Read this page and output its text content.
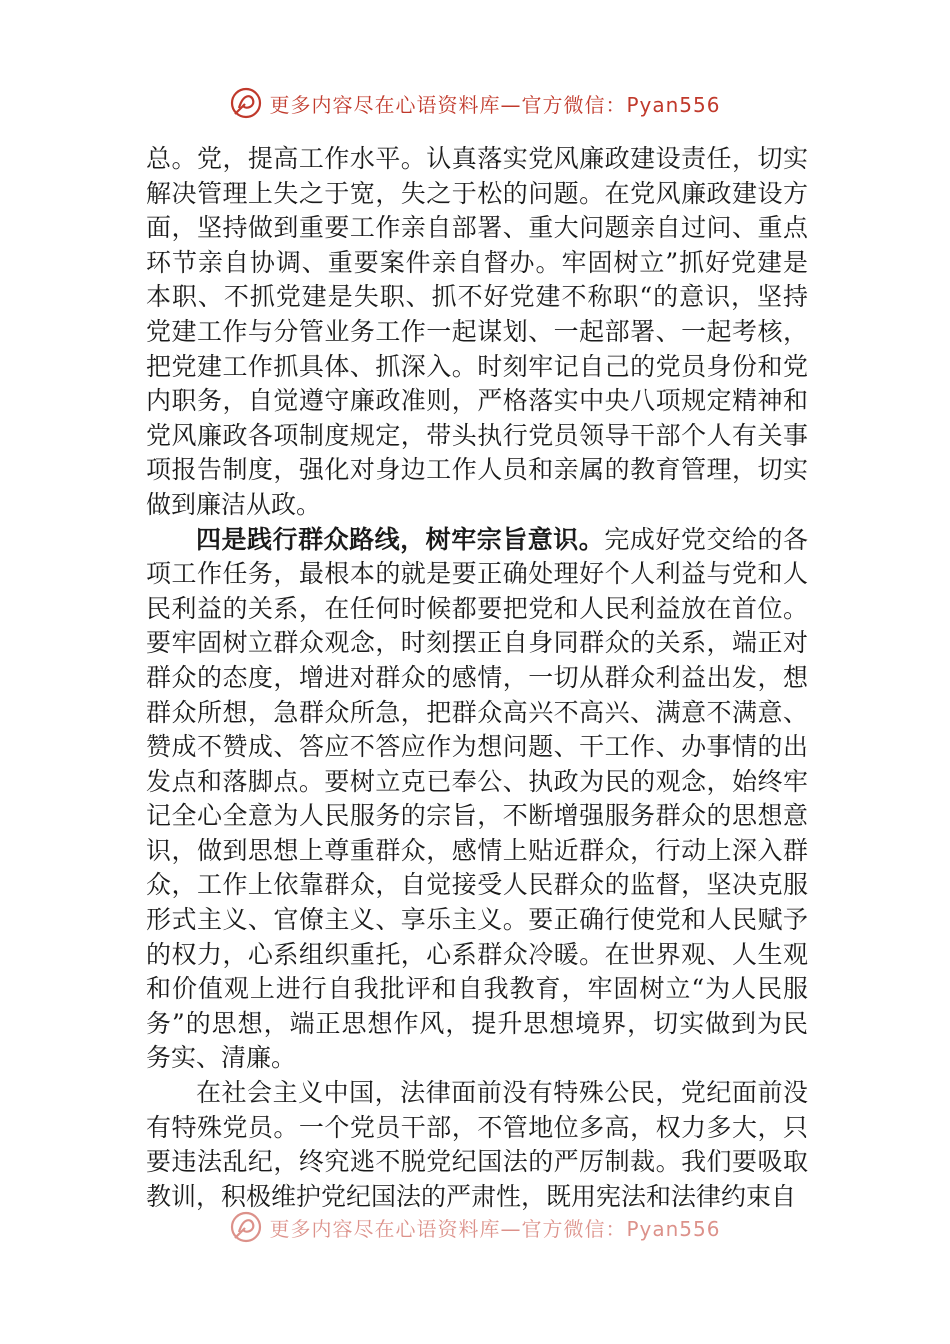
更多内容尽在心语资料库—官方微信：Pyan556

总。党，提高工作水平。认真落实党风廉政建设责任，切实解决管理上失之于宽，失之于松的问题。在党风廉政建设方面，坚持做到重要工作亲自部署、重大问题亲自过问、重点环节亲自协调、重要案件亲自督办。牢固树立”抓好党建是本职、不抓党建是失职、抓不好党建不称职“的意识，坚持党建工作与分管业务工作一起谋划、一起部署、一起考核，把党建工作抓具体、抓深入。时刻牢记自己的党员身份和党内职务，自觉遵守廉政准则，严格落实中央八项规定精神和党风廉政各项制度规定，带头执行党员领导干部个人有关事项报告制度，强化对身边工作人员和亲属的教育管理，切实做到廉洁从政。

四是践行群众路线，树牢宗旨意识。完成好党交给的各项工作任务，最根本的就是要正确处理好个人利益与党和人民利益的关系，在任何时候都要把党和人民利益放在首位。要牢固树立群众观念，时刻摆正自身同群众的关系，端正对群众的态度，增进对群众的感情，一切从群众利益出发，想群众所想，急群众所急，把群众高兴不高兴、满意不满意、赞成不赞成、答应不答应作为想问题、干工作、办事情的出发点和落脚点。要树立克已奉公、执政为民的观念，始终牢记全心全意为人民服务的宗旨，不断增强服务群众的思想意识，做到思想上尊重群众，感情上贴近群众，行动上深入群众，工作上依靠群众，自觉接受人民群众的监督，坚决克服形式主义、官僚主义、享乐主义。要正确行使党和人民赋予的权力，心系组织重托，心系群众冷暖。在世界观、人生观和价值观上进行自我批评和自我教育，牢固树立“为人民服务”的思想，端正思想作风，提升思想境界，切实做到为民务实、清廉。

在社会主义中国，法律面前没有特殊公民，党纪面前没有特殊党员。一个党员干部，不管地位多高，权力多大，只要违法乱纪，终究逃不脱党纪国法的严厉制裁。我们要吸取教训，积极维护党纪国法的严肃性，既用宪法和法律约束自

更多内容尽在心语资料库—官方微信：Pyan556
